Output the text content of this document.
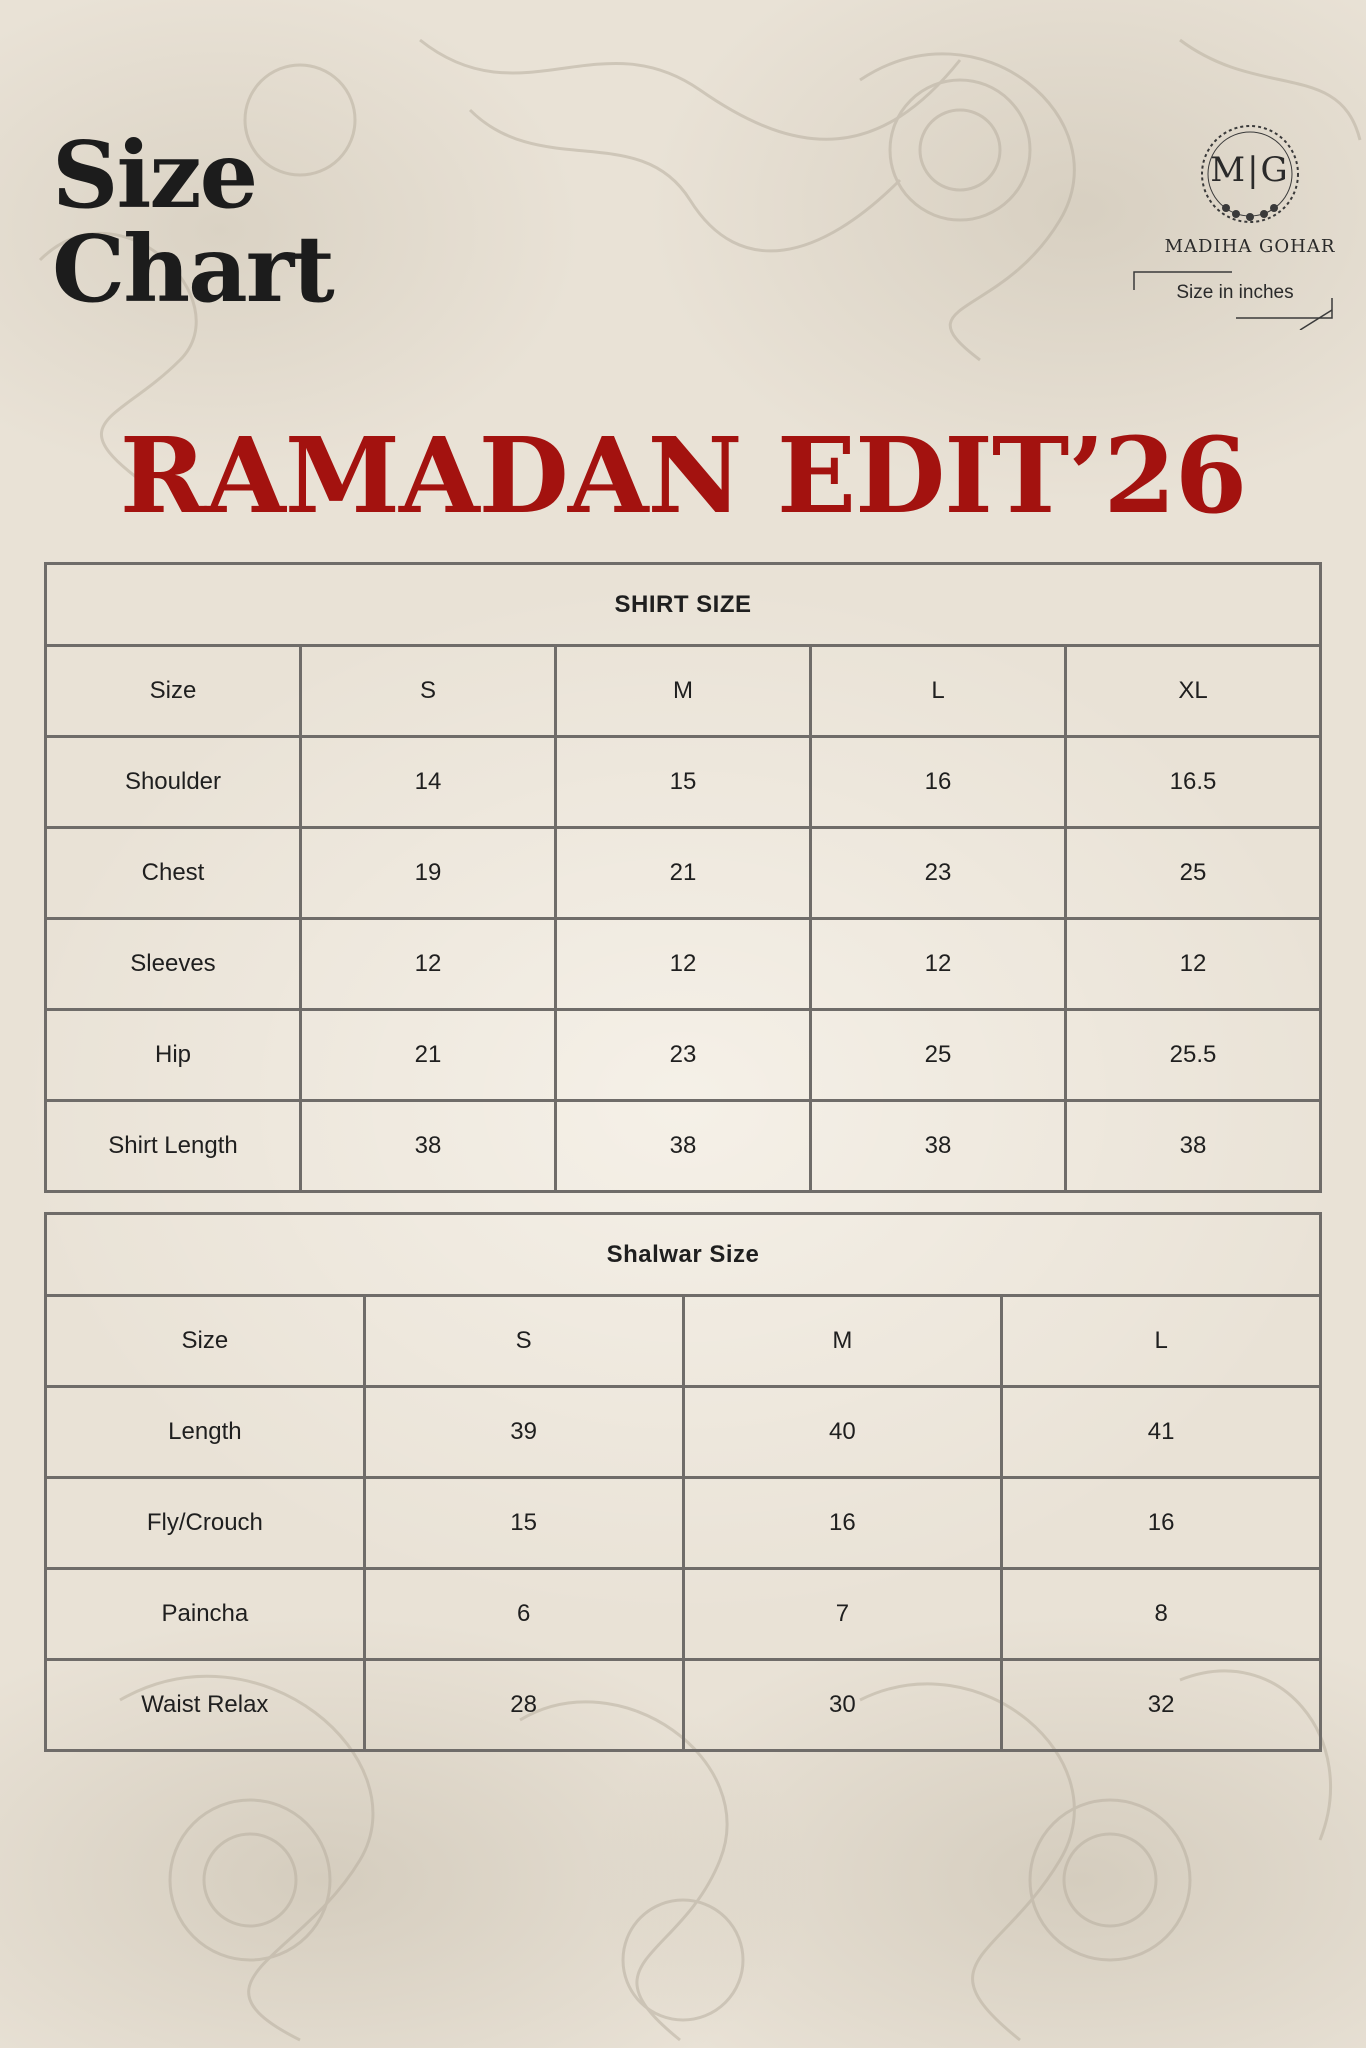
Size
Chart
M|G
MADIHA GOHAR
Size in inches
RAMADAN EDIT’26
SHIRT SIZE				
Size	S	M	L	XL
Shoulder	14	15	16	16.5
Chest	19	21	23	25
Sleeves	12	12	12	12
Hip	21	23	25	25.5
Shirt Length	38	38	38	38
Shalwar Size			
Size	S	M	L
Length	39	40	41
Fly/Crouch	15	16	16
Paincha	6	7	8
Waist Relax	28	30	32
